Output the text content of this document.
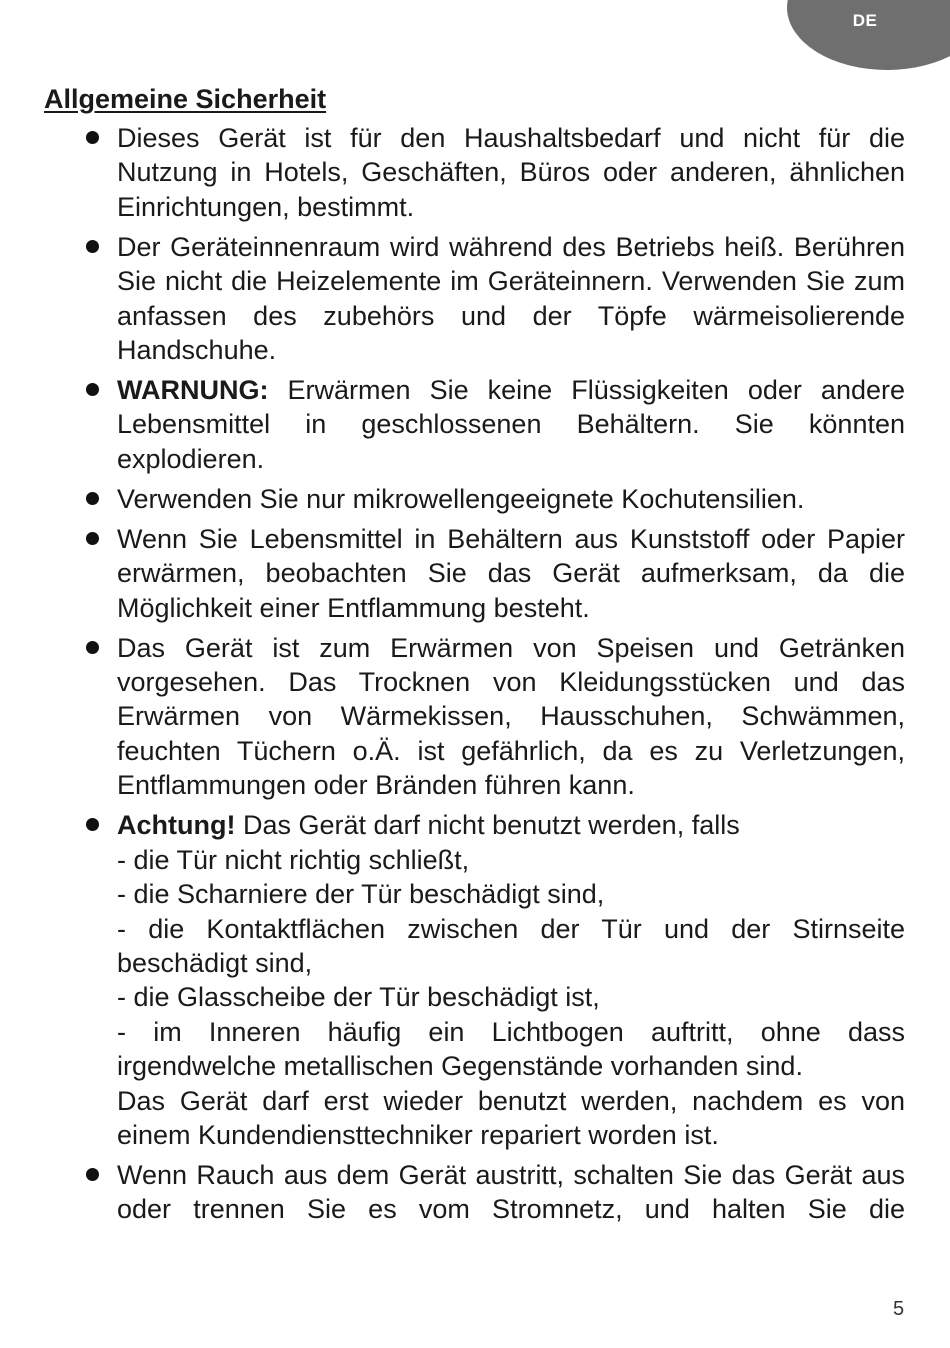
DE
Allgemeine Sicherheit
Dieses Gerät ist für den Haushaltsbedarf und nicht für die Nutzung in Hotels, Geschäften, Büros oder anderen, ähnlichen Einrichtungen, bestimmt.
Der Geräteinnenraum wird während des Betriebs heiß. Berühren Sie nicht die Heizelemente im Geräteinnern. Verwenden Sie zum anfassen des zubehörs und der Töpfe wärmeisolierende Handschuhe.
WARNUNG: Erwärmen Sie keine Flüssigkeiten oder andere Lebensmittel in geschlossenen Behältern. Sie könnten explodieren.
Verwenden Sie nur mikrowellengeeignete Kochutensilien.
Wenn Sie Lebensmittel in Behältern aus Kunststoff oder Papier erwärmen, beobachten Sie das Gerät aufmerksam, da die Möglichkeit einer Entflammung besteht.
Das Gerät ist zum Erwärmen von Speisen und Getränken vorgesehen. Das Trocknen von Kleidungsstücken und das Erwärmen von Wärmekissen, Hausschuhen, Schwämmen, feuchten Tüchern o.Ä. ist gefährlich, da es zu Verletzungen, Entflammungen oder Bränden führen kann.
Achtung! Das Gerät darf nicht benutzt werden, falls
- die Tür nicht richtig schließt,
- die Scharniere der Tür beschädigt sind,
- die Kontaktflächen zwischen der Tür und der Stirnseite beschädigt sind,
- die Glasscheibe der Tür beschädigt ist,
- im Inneren häufig ein Lichtbogen auftritt, ohne dass irgendwelche metallischen Gegenstände vorhanden sind.
Das Gerät darf erst wieder benutzt werden, nachdem es von einem Kundendiensttechniker repariert worden ist.
Wenn Rauch aus dem Gerät austritt, schalten Sie das Gerät aus oder trennen Sie es vom Stromnetz, und halten Sie die
5
